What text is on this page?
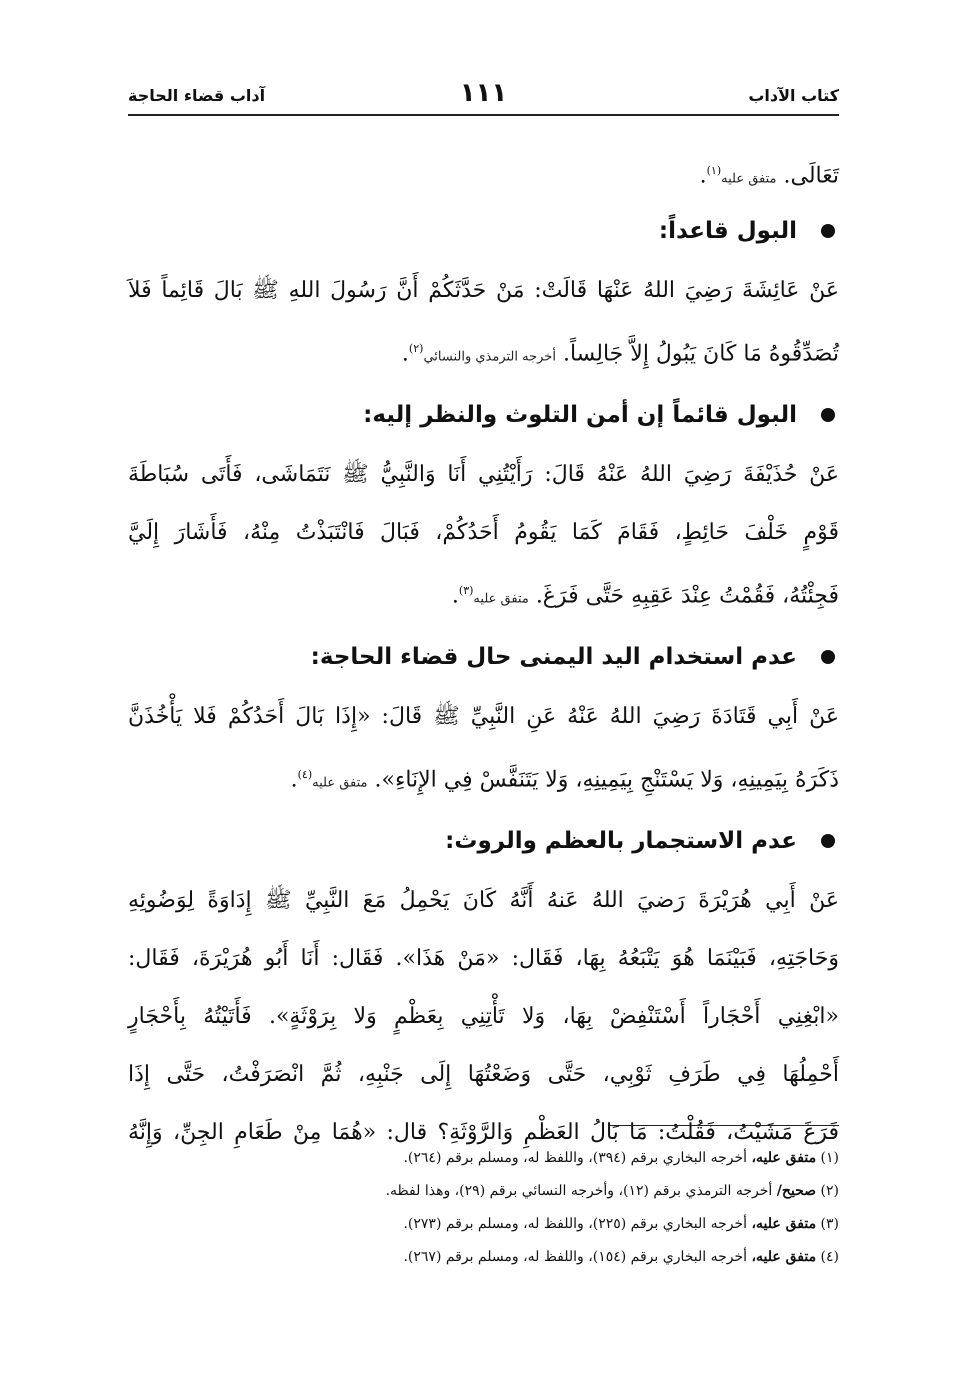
كتاب الآداب
١١١
آداب قضاء الحاجة
تَعَالَى. متفق عليه$^{(١)}$.
البول قاعداً:
عَنْ عَائِشَةَ رَضِيَ اللهُ عَنْهَا قَالَتْ: مَنْ حَدَّثَكُمْ أَنَّ رَسُولَ اللهِ ﷺ بَالَ قَائِماً فَلاَ
تُصَدِّقُوهُ مَا كَانَ يَبُولُ إِلاَّ جَالِساً. أخرجه الترمذي والنسائي$^{(٢)}$.
البول قائماً إن أمن التلوث والنظر إليه:
عَنْ حُذَيْفَةَ رَضِيَ اللهُ عَنْهُ قَالَ: رَأَيْتُنِي أَنَا وَالنَّبِيُّ ﷺ نَتَمَاشَى، فَأَتَى سُبَاطَةَ
قَوْمٍ خَلْفَ حَائِطٍ، فَقَامَ كَمَا يَقُومُ أَحَدُكُمْ، فَبَالَ فَانْتَبَذْتُ مِنْهُ، فَأَشَارَ إِلَيَّ
فَجِئْتُهُ، فَقُمْتُ عِنْدَ عَقِبِهِ حَتَّى فَرَغَ. متفق عليه$^{(٣)}$.
عدم استخدام اليد اليمنى حال قضاء الحاجة:
عَنْ أَبِي قَتَادَةَ رَضِيَ اللهُ عَنْهُ عَنِ النَّبِيِّ ﷺ قَالَ: «إِذَا بَالَ أَحَدُكُمْ فَلا يَأْخُذَنَّ
ذَكَرَهُ بِيَمِينِهِ، وَلا يَسْتَنْجِ بِيَمِينِهِ، وَلا يَتَنَفَّسْ فِي الإِنَاءِ». متفق عليه$^{(٤)}$.
عدم الاستجمار بالعظم والروث:
عَنْ أَبِي هُرَيْرَةَ رَضيَ اللهُ عَنهُ أَنَّهُ كَانَ يَحْمِلُ مَعَ النَّبِيِّ ﷺ إِدَاوَةً لِوَضُوئِهِ
وَحَاجَتِهِ، فَبَيْنَمَا هُوَ يَتْبَعُهُ بِهَا، فَقَال: «مَنْ هَذَا». فَقَال: أَنَا أَبُو هُرَيْرَةَ، فَقَال:
«ابْغِنِي أَحْجَاراً أَسْتَنْفِضْ بِهَا، وَلا تَأْتِنِي بِعَظْمٍ وَلا بِرَوْثَةٍ». فَأَتَيْتُهُ بِأَحْجَارٍ
أَحْمِلُهَا فِي طَرَفِ ثَوْبِي، حَتَّى وَضَعْتُهَا إِلَى جَنْبِهِ، ثُمَّ انْصَرَفْتُ، حَتَّى إِذَا
فَرَغَ مَشَيْتُ، فَقُلْتُ: مَا بَالُ العَظْمِ وَالرَّوْثَةِ؟ قال: «هُمَا مِنْ طَعَامِ الجِنِّ، وَإِنَّهُ
(١) متفق عليه، أخرجه البخاري برقم (٣٩٤)، واللفظ له، ومسلم برقم (٢٦٤).
(٢) صحيح/ أخرجه الترمذي برقم (١٢)، وأخرجه النسائي برقم (٢٩)، وهذا لفظه.
(٣) متفق عليه، أخرجه البخاري برقم (٢٢٥)، واللفظ له، ومسلم برقم (٢٧٣).
(٤) متفق عليه، أخرجه البخاري برقم (١٥٤)، واللفظ له، ومسلم برقم (٢٦٧).
